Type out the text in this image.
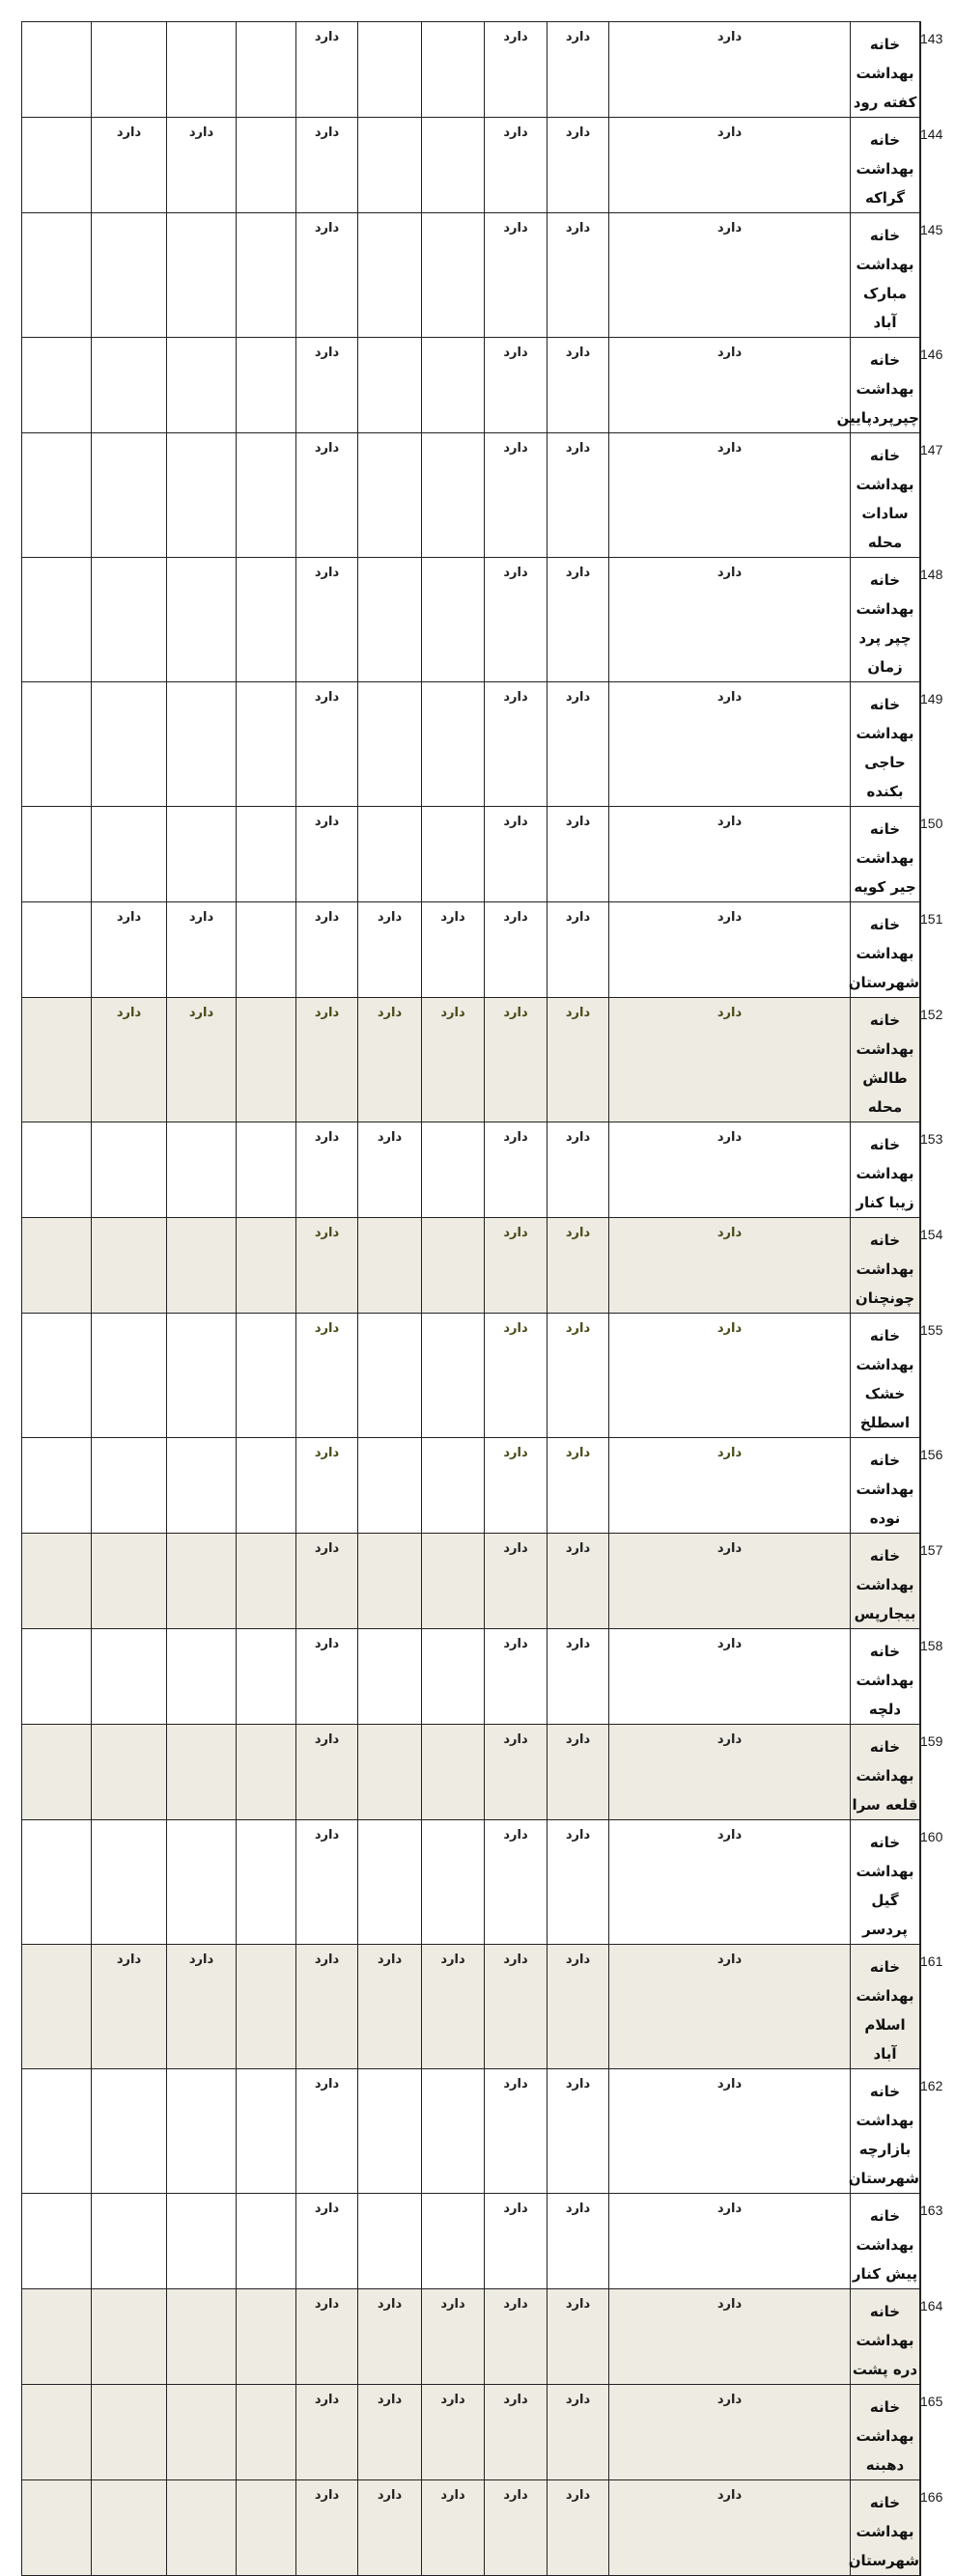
				دارد			دارد	دارد	دارد	خانه بهداشت کفته رود	143
	دارد	دارد		دارد			دارد	دارد	دارد	خانه بهداشت گراکه	144
				دارد			دارد	دارد	دارد	خانه بهداشت مبارک آباد	145
				دارد			دارد	دارد	دارد	خانه بهداشت چپرپردپایین	146
				دارد			دارد	دارد	دارد	خانه بهداشت سادات محله	147
				دارد			دارد	دارد	دارد	خانه بهداشت چپر پرد زمان	148
				دارد			دارد	دارد	دارد	خانه بهداشت حاجی بکنده	149
				دارد			دارد	دارد	دارد	خانه بهداشت جیر کویه	150
	دارد	دارد		دارد	دارد	دارد	دارد	دارد	دارد	خانه بهداشت شهرستان	151
	دارد	دارد		دارد	دارد	دارد	دارد	دارد	دارد	خانه بهداشت طالش محله	152
				دارد	دارد		دارد	دارد	دارد	خانه بهداشت زیبا کنار	153
				دارد			دارد	دارد	دارد	خانه بهداشت چونچنان	154
				دارد			دارد	دارد	دارد	خانه بهداشت خشک اسطلخ	155
				دارد			دارد	دارد	دارد	خانه بهداشت نوده	156
				دارد			دارد	دارد	دارد	خانه بهداشت بیجارپس	157
				دارد			دارد	دارد	دارد	خانه بهداشت دلچه	158
				دارد			دارد	دارد	دارد	خانه بهداشت قلعه سرا	159
				دارد			دارد	دارد	دارد	خانه بهداشت گیل پردسر	160
	دارد	دارد		دارد	دارد	دارد	دارد	دارد	دارد	خانه بهداشت اسلام آباد	161
				دارد			دارد	دارد	دارد	خانه بهداشت بازارچه شهرستان	162
				دارد			دارد	دارد	دارد	خانه بهداشت پیش کنار	163
				دارد	دارد	دارد	دارد	دارد	دارد	خانه بهداشت دره پشت	164
				دارد	دارد	دارد	دارد	دارد	دارد	خانه بهداشت دهبنه	165
				دارد	دارد	دارد	دارد	دارد	دارد	خانه بهداشت شهرستان	166
